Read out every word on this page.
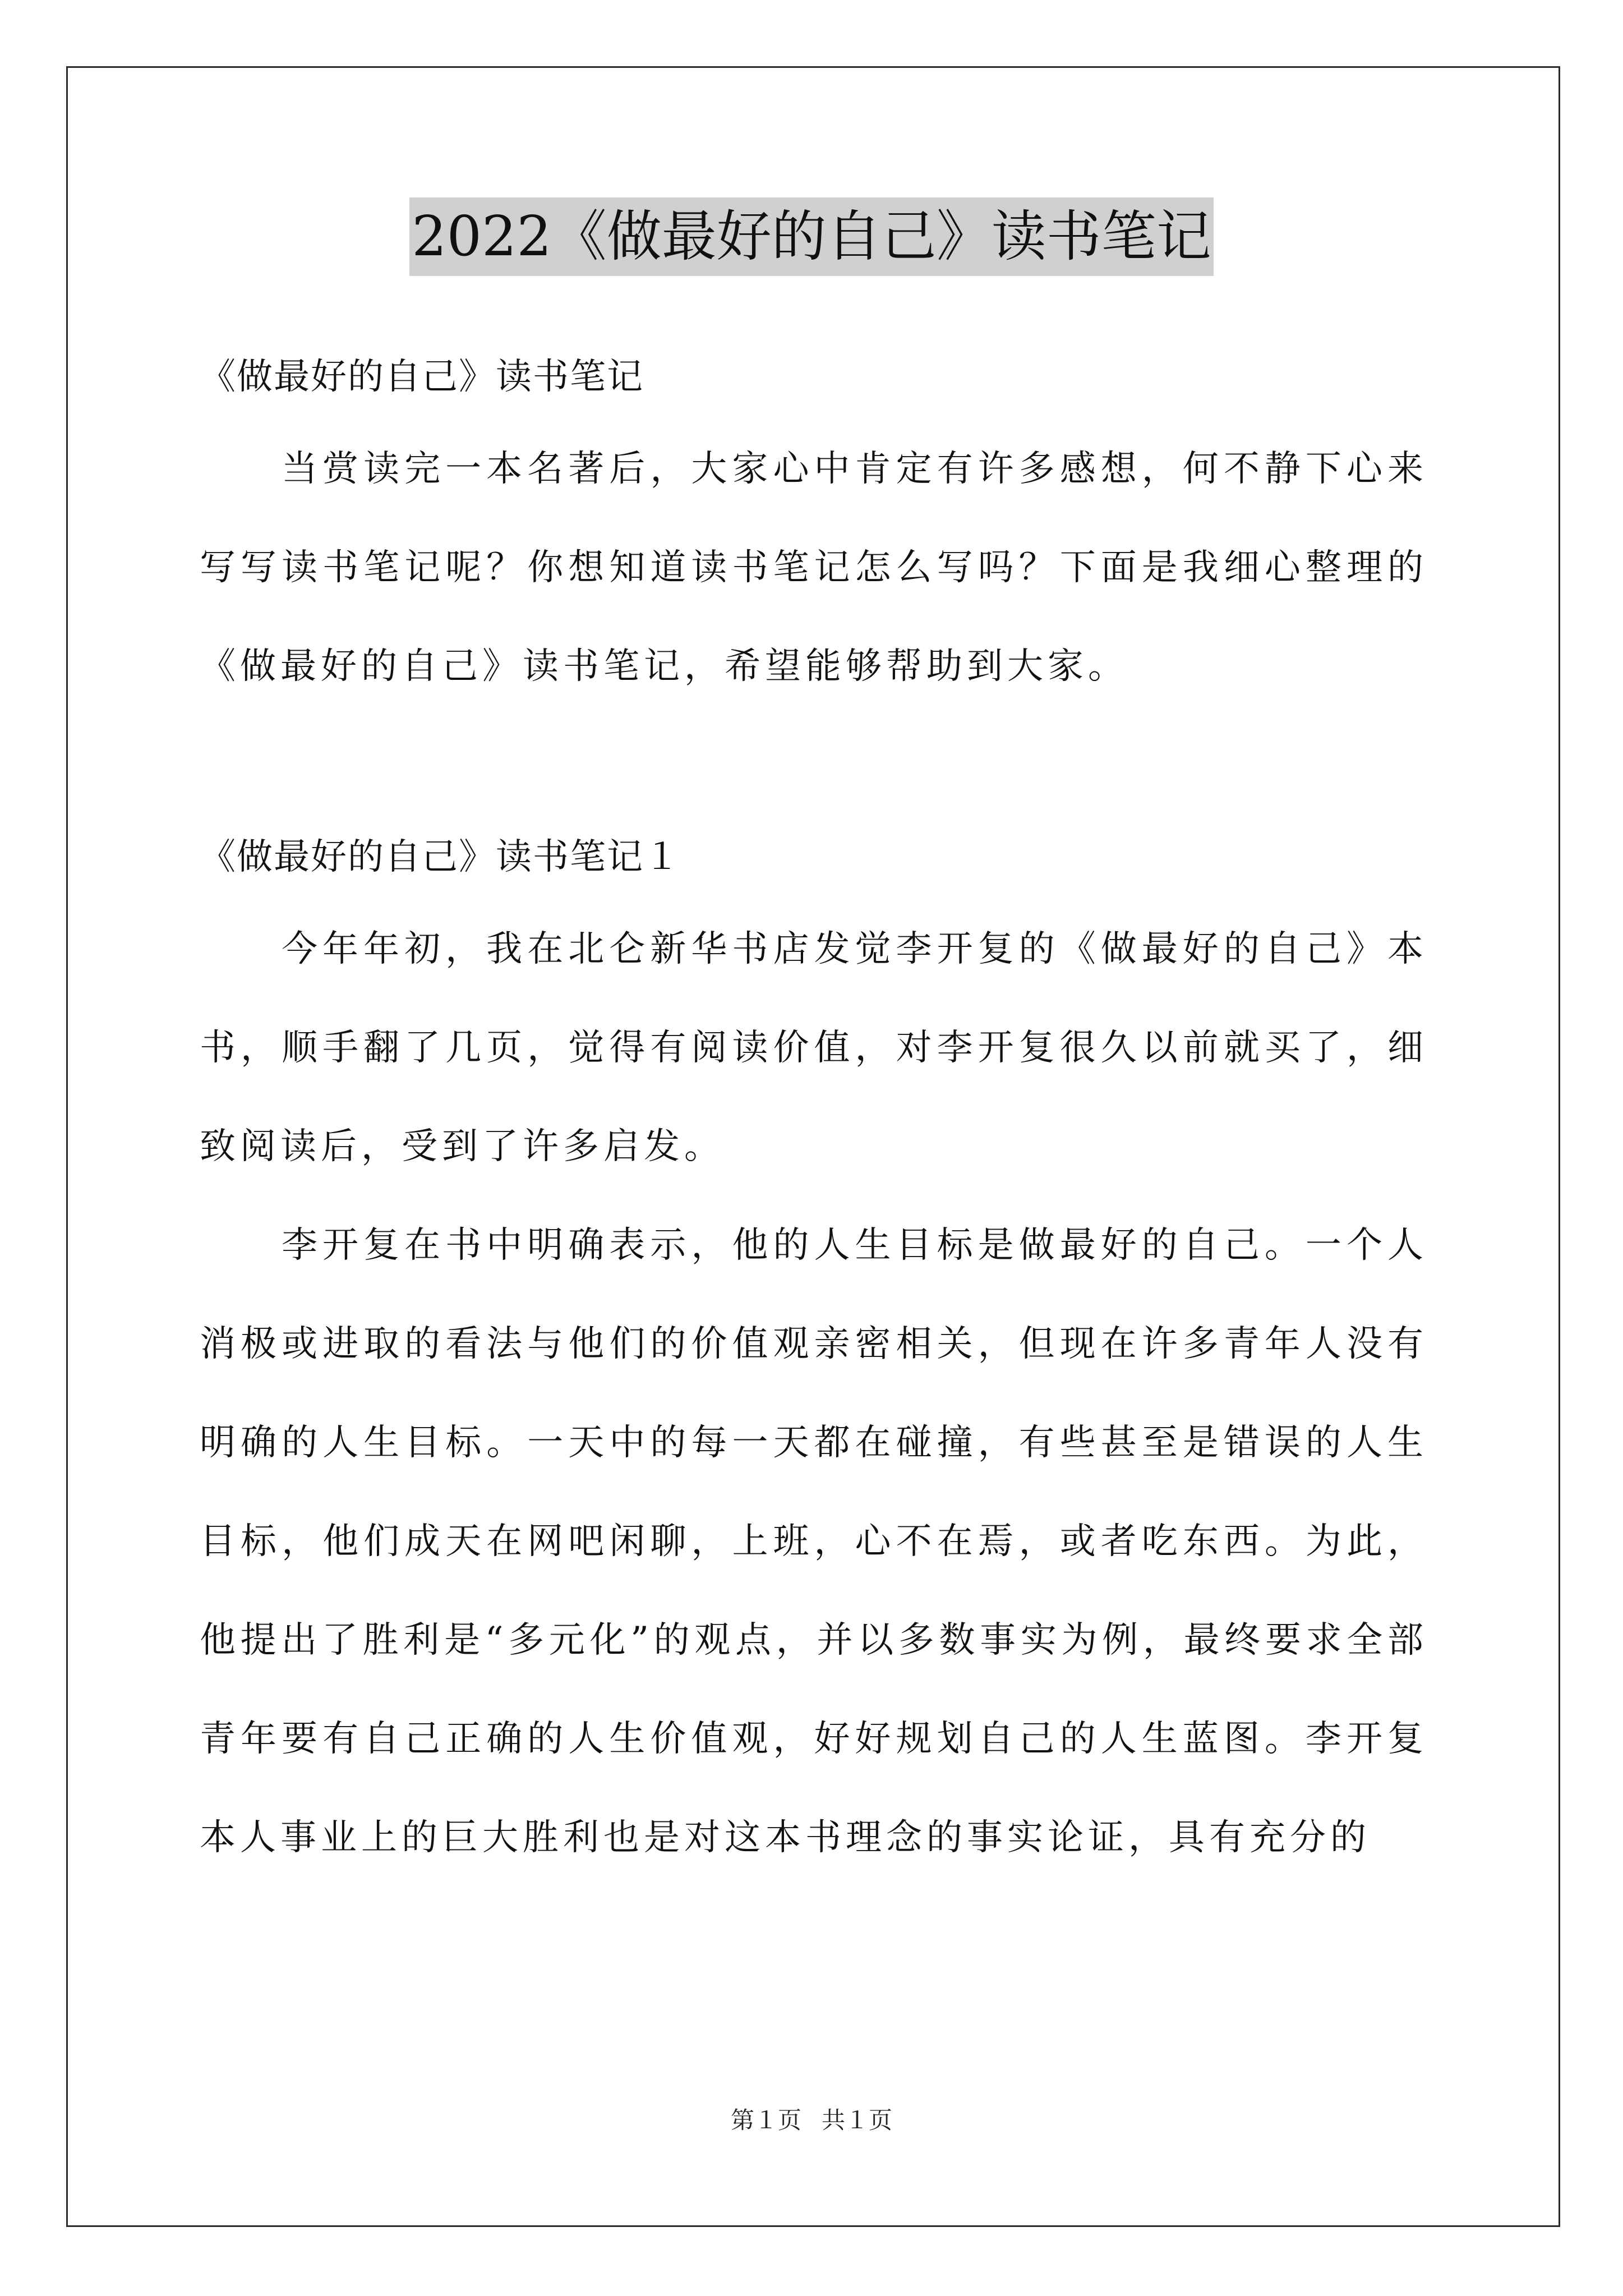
2022《做最好的自己》读书笔记

《做最好的自己》读书笔记

当赏读完一本名著后，大家心中肯定有许多感想，何不静下心来写写读书笔记呢？你想知道读书笔记怎么写吗？下面是我细心整理的《做最好的自己》读书笔记，希望能够帮助到大家。

《做最好的自己》读书笔记１

今年年初，我在北仑新华书店发觉李开复的《做最好的自己》本书，顺手翻了几页，觉得有阅读价值，对李开复很久以前就买了，细致阅读后，受到了许多启发。

李开复在书中明确表示，他的人生目标是做最好的自己。一个人消极或进取的看法与他们的价值观亲密相关，但现在许多青年人没有明确的人生目标。一天中的每一天都在碰撞，有些甚至是错误的人生目标，他们成天在网吧闲聊，上班，心不在焉，或者吃东西。为此，他提出了胜利是“多元化”的观点，并以多数事实为例，最终要求全部青年要有自己正确的人生价值观，好好规划自己的人生蓝图。李开复本人事业上的巨大胜利也是对这本书理念的事实论证，具有充分的

第１页 共１页
